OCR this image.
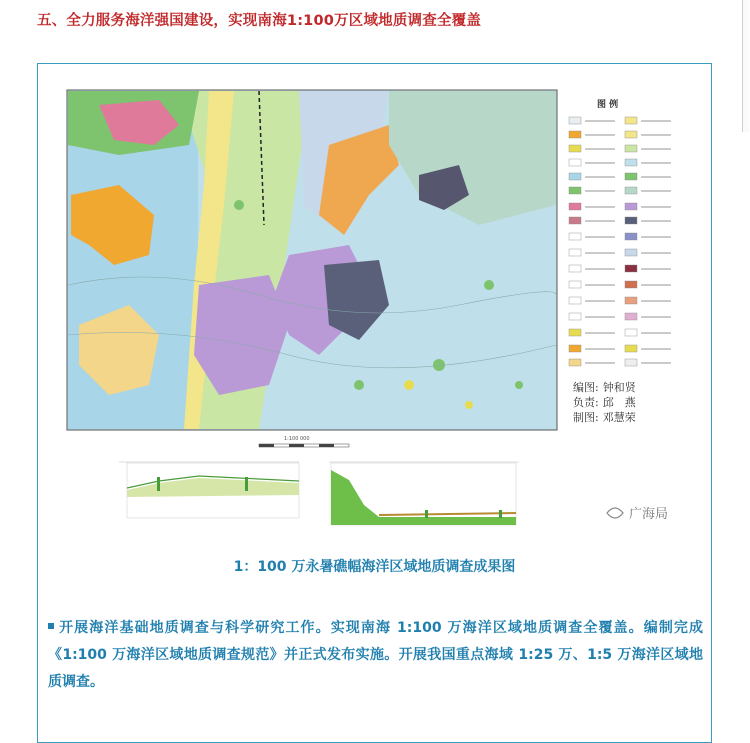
五、全力服务海洋强国建设，实现南海1:100万区域地质调查全覆盖
图 例
编图: 钟和贤
负责: 邱　燕
制图: 邓慧荣
1:100 000
广海局
1：100 万永暑礁幅海洋区域地质调查成果图
开展海洋基础地质调查与科学研究工作。实现南海 1:100 万海洋区域地质调查全覆盖。编制完成《1:100 万海洋区域地质调查规范》并正式发布实施。开展我国重点海域 1:25 万、1:5 万海洋区域地质调查。
